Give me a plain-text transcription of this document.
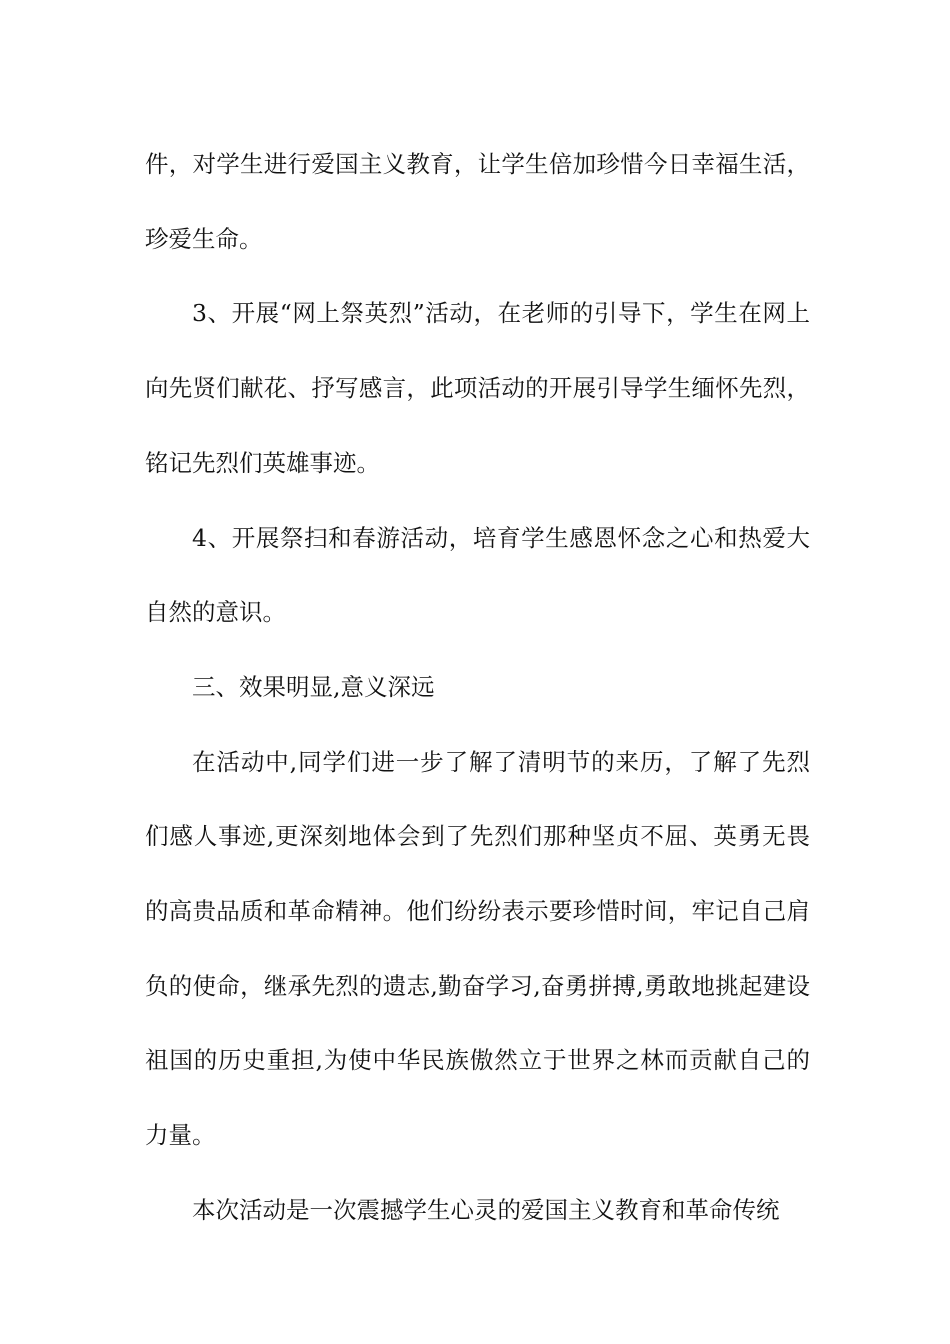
件，对学生进行爱国主义教育，让学生倍加珍惜今日幸福生活，珍爱生命。

3、开展“网上祭英烈”活动，在老师的引导下，学生在网上向先贤们献花、抒写感言，此项活动的开展引导学生缅怀先烈，铭记先烈们英雄事迹。

4、开展祭扫和春游活动，培育学生感恩怀念之心和热爱大自然的意识。

三、效果明显,意义深远

在活动中,同学们进一步了解了清明节的来历，了解了先烈们感人事迹,更深刻地体会到了先烈们那种坚贞不屈、英勇无畏的高贵品质和革命精神。他们纷纷表示要珍惜时间，牢记自己肩负的使命，继承先烈的遗志,勤奋学习,奋勇拼搏,勇敢地挑起建设祖国的历史重担,为使中华民族傲然立于世界之林而贡献自己的力量。

本次活动是一次震撼学生心灵的爱国主义教育和革命传统
